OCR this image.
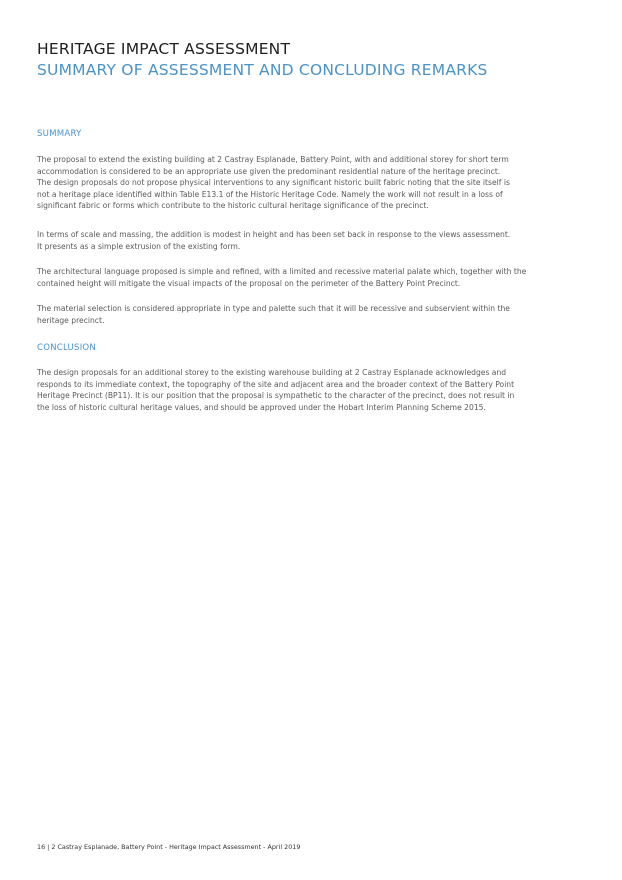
HERITAGE IMPACT ASSESSMENT
SUMMARY OF ASSESSMENT AND CONCLUDING REMARKS
SUMMARY

The proposal to extend the existing building at 2 Castray Esplanade, Battery Point, with and additional storey for short term
accommodation is considered to be an appropriate use given the predominant residential nature of the heritage precinct.
The design proposals do not propose physical interventions to any significant historic built fabric noting that the site itself is
not a heritage place identified within Table E13.1 of the Historic Heritage Code. Namely the work will not result in a loss of
significant fabric or forms which contribute to the historic cultural heritage significance of the precinct.

In terms of scale and massing, the addition is modest in height and has been set back in response to the views assessment.
It presents as a simple extrusion of the existing form.

The architectural language proposed is simple and refined, with a limited and recessive material palate which, together with the
contained height will mitigate the visual impacts of the proposal on the perimeter of the Battery Point Precinct.

The material selection is considered appropriate in type and palette such that it will be recessive and subservient within the
heritage precinct.

CONCLUSION

The design proposals for an additional storey to the existing warehouse building at 2 Castray Esplanade acknowledges and
responds to its immediate context, the topography of the site and adjacent area and the broader context of the Battery Point
Heritage Precinct (BP11). It is our position that the proposal is sympathetic to the character of the precinct, does not result in
the loss of historic cultural heritage values, and should be approved under the Hobart Interim Planning Scheme 2015.

16 | 2 Castray Esplanade, Battery Point - Heritage Impact Assessment - April 2019
